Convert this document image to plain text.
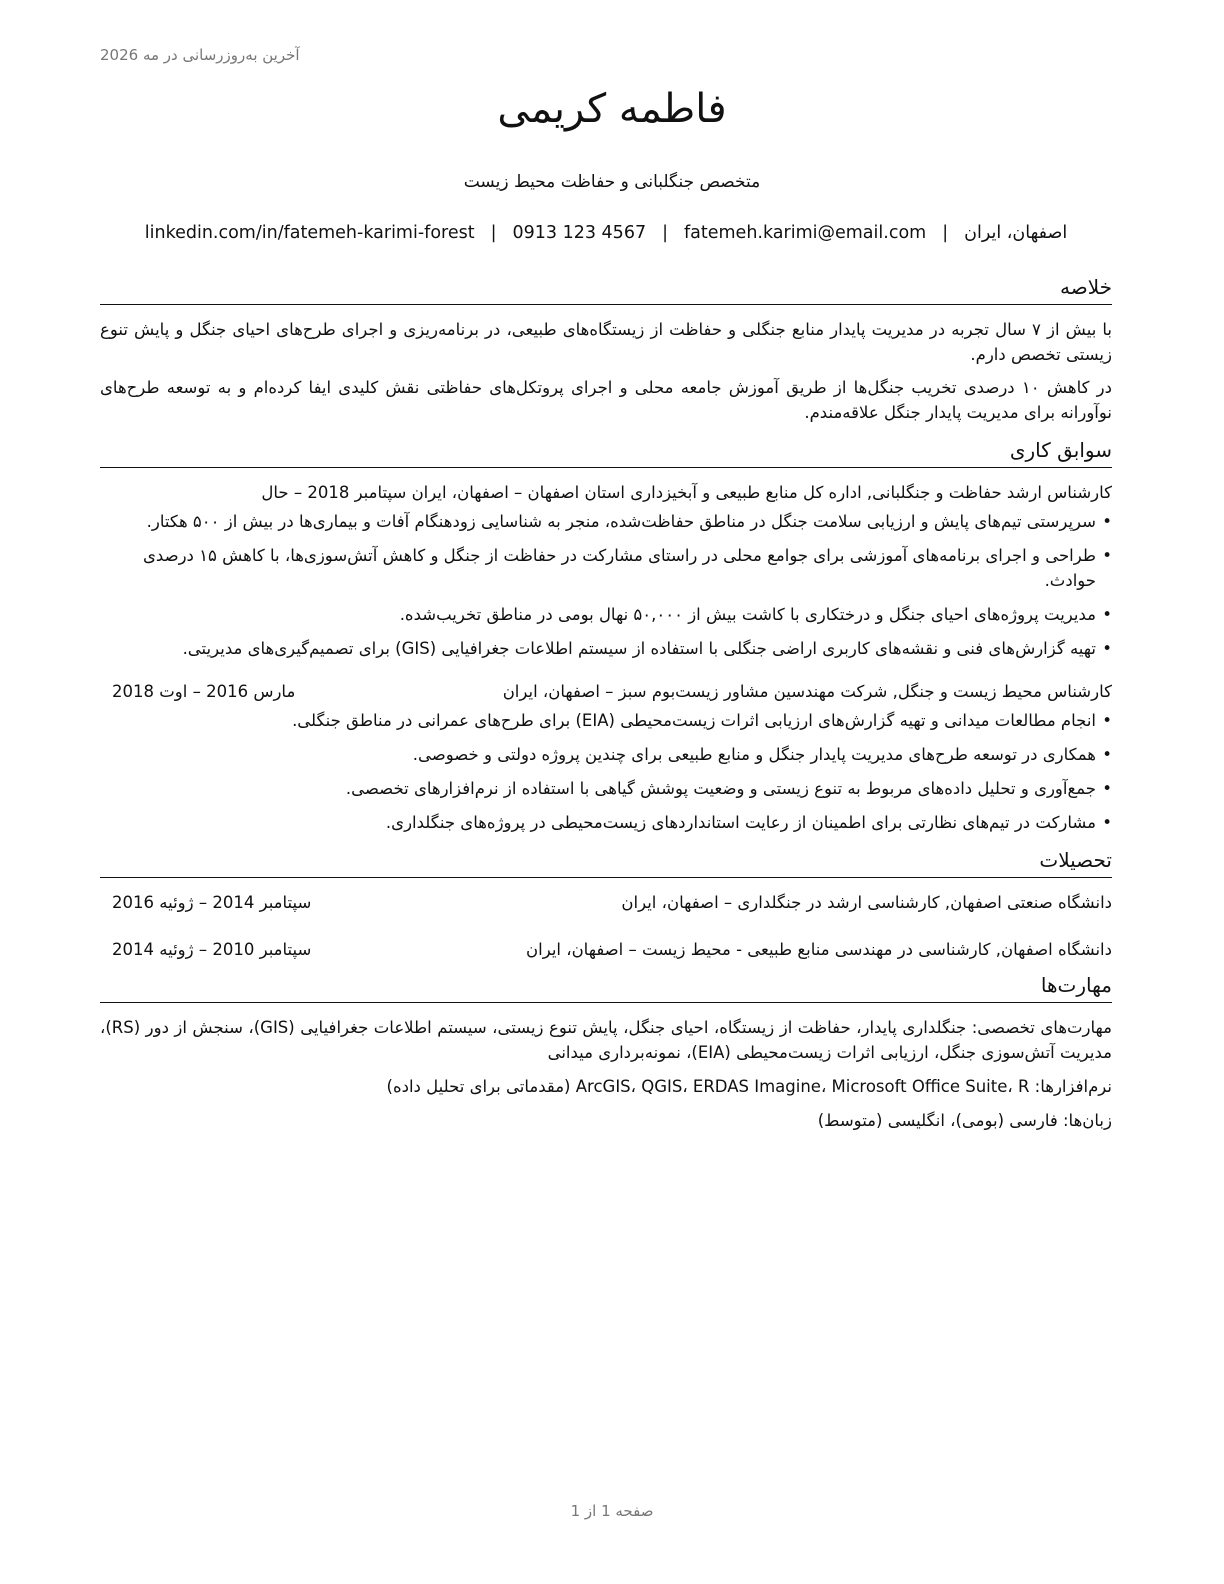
آخرین به‌روزرسانی در مه 2026
فاطمه کریمی
متخصص جنگلبانی و حفاظت محیط زیست
اصفهان، ایران|fatemeh.karimi@email.com|0913 123 4567|linkedin.com/in/fatemeh-karimi-forest
خلاصه
با بیش از ۷ سال تجربه در مدیریت پایدار منابع جنگلی و حفاظت از زیستگاه‌های طبیعی، در برنامه‌ریزی و اجرای طرح‌های احیای جنگل و پایش تنوع زیستی تخصص دارم.
در کاهش ۱۰ درصدی تخریب جنگل‌ها از طریق آموزش جامعه محلی و اجرای پروتکل‌های حفاظتی نقش کلیدی ایفا کرده‌ام و به توسعه طرح‌های نوآورانه برای مدیریت پایدار جنگل علاقه‌مندم.
سوابق کاری
کارشناس ارشد حفاظت و جنگلبانی, اداره کل منابع طبیعی و آبخیزداری استان اصفهان – اصفهان، ایران سپتامبر 2018 – حال
• سرپرستی تیم‌های پایش و ارزیابی سلامت جنگل در مناطق حفاظت‌شده، منجر به شناسایی زودهنگام آفات و بیماری‌ها در بیش از ۵۰۰ هکتار.
• طراحی و اجرای برنامه‌های آموزشی برای جوامع محلی در راستای مشارکت در حفاظت از جنگل و کاهش آتش‌سوزی‌ها، با کاهش ۱۵ درصدی حوادث.
• مدیریت پروژه‌های احیای جنگل و درختکاری با کاشت بیش از ۵۰,۰۰۰ نهال بومی در مناطق تخریب‌شده.
• تهیه گزارش‌های فنی و نقشه‌های کاربری اراضی جنگلی با استفاده از سیستم اطلاعات جغرافیایی (GIS) برای تصمیم‌گیری‌های مدیریتی.
کارشناس محیط زیست و جنگل, شرکت مهندسین مشاور زیست‌بوم سبز – اصفهان، ایران
مارس 2016 – اوت 2018
• انجام مطالعات میدانی و تهیه گزارش‌های ارزیابی اثرات زیست‌محیطی (EIA) برای طرح‌های عمرانی در مناطق جنگلی.
• همکاری در توسعه طرح‌های مدیریت پایدار جنگل و منابع طبیعی برای چندین پروژه دولتی و خصوصی.
• جمع‌آوری و تحلیل داده‌های مربوط به تنوع زیستی و وضعیت پوشش گیاهی با استفاده از نرم‌افزارهای تخصصی.
• مشارکت در تیم‌های نظارتی برای اطمینان از رعایت استانداردهای زیست‌محیطی در پروژه‌های جنگلداری.
تحصیلات
دانشگاه صنعتی اصفهان, کارشناسی ارشد در جنگلداری – اصفهان، ایران
سپتامبر 2014 – ژوئیه 2016
دانشگاه اصفهان, کارشناسی در مهندسی منابع طبیعی - محیط زیست – اصفهان، ایران
سپتامبر 2010 – ژوئیه 2014
مهارت‌ها
مهارت‌های تخصصی: جنگلداری پایدار، حفاظت از زیستگاه، احیای جنگل، پایش تنوع زیستی، سیستم اطلاعات جغرافیایی (GIS)، سنجش از دور (RS)، مدیریت آتش‌سوزی جنگل، ارزیابی اثرات زیست‌محیطی (EIA)، نمونه‌برداری میدانی
نرم‌افزارها: ArcGIS، QGIS، ERDAS Imagine، Microsoft Office Suite، R (مقدماتی برای تحلیل داده)
زبان‌ها: فارسی (بومی)، انگلیسی (متوسط)
صفحه 1 از 1
